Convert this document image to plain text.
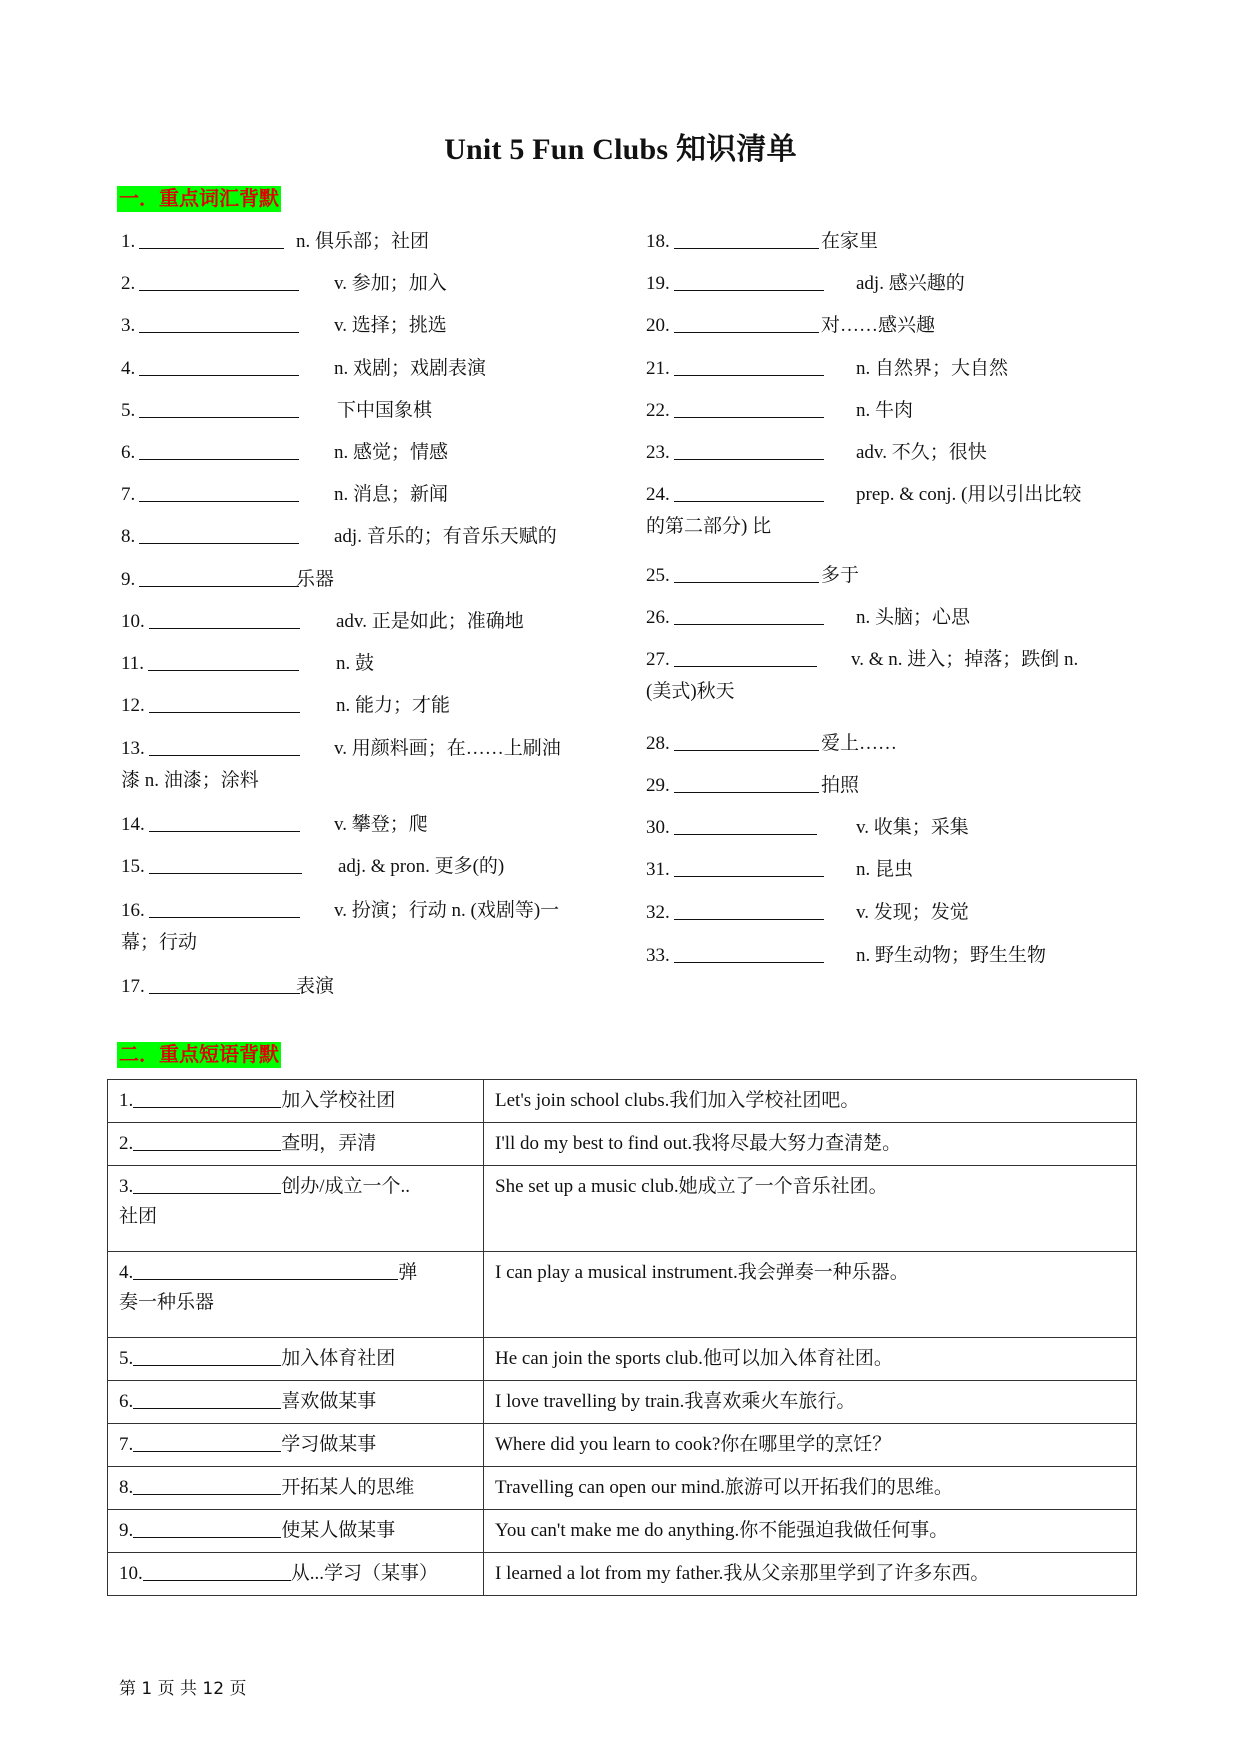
Unit 5 Fun Clubs 知识清单
一．重点词汇背默
1.	n. 俱乐部；社团
2.	v. 参加；加入
3.	v. 选择；挑选
4.	n. 戏剧；戏剧表演
5.	下中国象棋
6.	n. 感觉；情感
7.	n. 消息；新闻
8.	adj. 音乐的；有音乐天赋的
9.	乐器
10.	adv. 正是如此；准确地
11.	n. 鼓
12.	n. 能力；才能
13.	v. 用颜料画；在……上刷油
漆 n. 油漆；涂料
14.	v. 攀登；爬
15.	adj. & pron. 更多(的)
16.	v. 扮演；行动 n. (戏剧等)一
幕；行动
17.	表演
18.	在家里
19.	adj. 感兴趣的
20.	对……感兴趣
21.	n. 自然界；大自然
22.	n. 牛肉
23.	adv. 不久；很快
24.	prep. & conj. (用以引出比较
的第二部分) 比
25.	多于
26.	n. 头脑；心思
27.	v. & n. 进入；掉落；跌倒 n.
(美式)秋天
28.	爱上……
29.	拍照
30.	v. 收集；采集
31.	n. 昆虫
32.	v. 发现；发觉
33.	n. 野生动物；野生生物
二．重点短语背默
1. 加入学校社团	Let's join school clubs.我们加入学校社团吧。
2. 查明，弄清	I'll do my best to find out.我将尽最大努力查清楚。
3. 创办/成立一个..
社团	She set up a music club.她成立了一个音乐社团。
4. 弹
奏一种乐器	I can play a musical instrument.我会弹奏一种乐器。
5. 加入体育社团	He can join the sports club.他可以加入体育社团。
6. 喜欢做某事	I love travelling by train.我喜欢乘火车旅行。
7. 学习做某事	Where did you learn to cook?你在哪里学的烹饪？
8. 开拓某人的思维	Travelling can open our mind.旅游可以开拓我们的思维。
9. 使某人做某事	You can't make me do anything.你不能强迫我做任何事。
10. 从...学习（某事）	I learned a lot from my father.我从父亲那里学到了许多东西。
第 1 页 共 12 页
